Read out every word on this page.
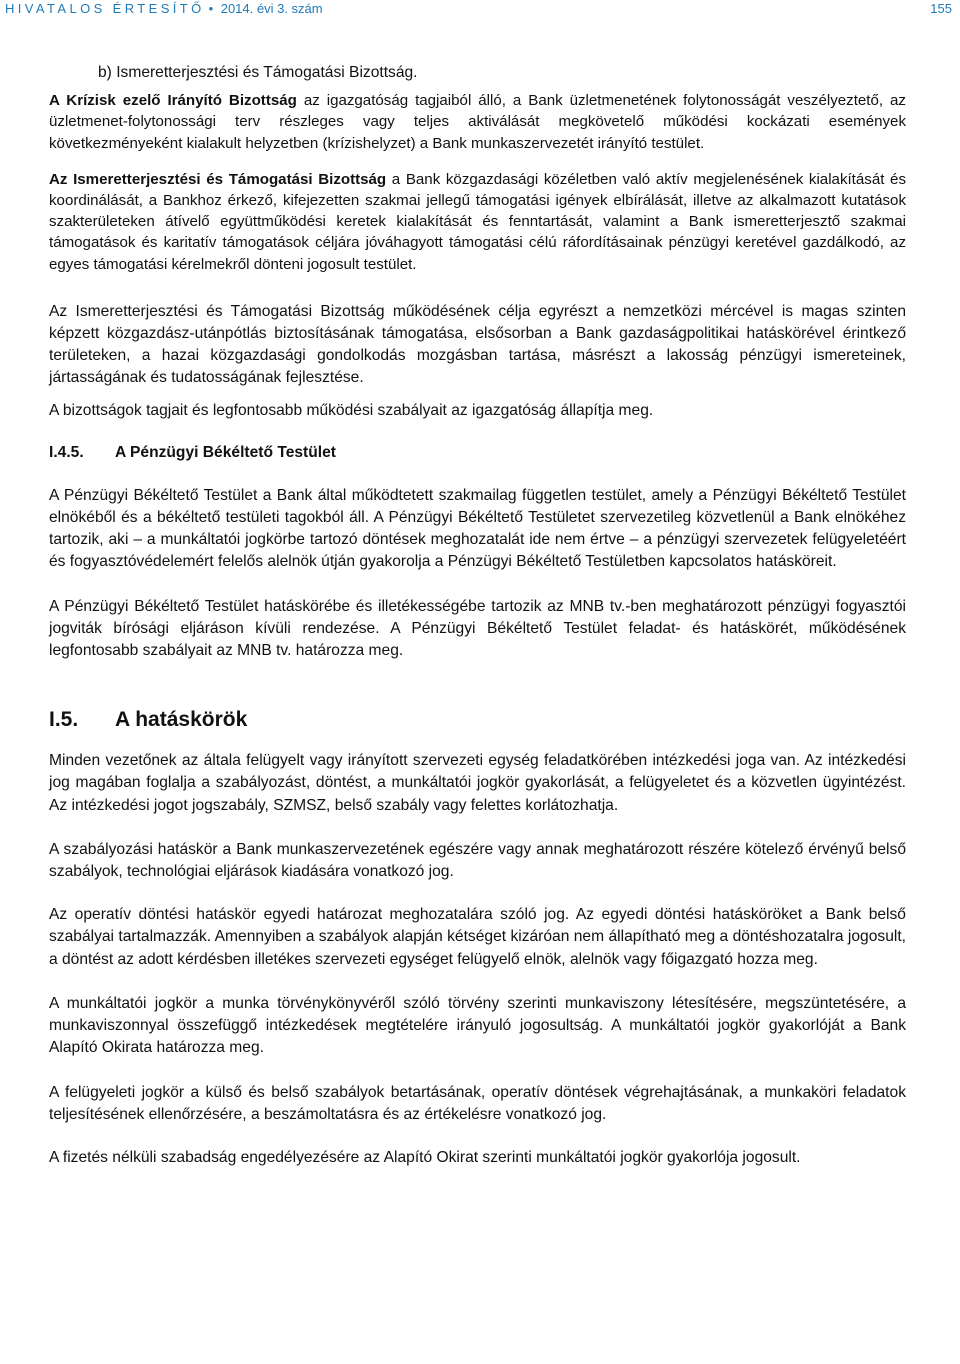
HIVATALOS ÉRTESÍTŐ • 2014. évi 3. szám	155

b) Ismeretterjesztési és Támogatási Bizottság.

A Krízisk ezelő Irányító Bizottság az igazgatóság tagjaiból álló, a Bank üzletmenetének folytonosságát veszélyeztető, az üzletmenet-folytonossági terv részleges vagy teljes aktiválását megkövetelő működési kockázati események következményeként kialakult helyzetben (krízishelyzet) a Bank munkaszervezetét irányító testület.

Az Ismeretterjesztési és Támogatási Bizottság a Bank közgazdasági közéletben való aktív megjelenésének kialakítását és koordinálását, a Bankhoz érkező, kifejezetten szakmai jellegű támogatási igények elbírálását, illetve az alkalmazott kutatások szakterületeken átívelő együttműködési keretek kialakítását és fenntartását, valamint a Bank ismeretterjesztő szakmai támogatások és karitatív támogatások céljára jóváhagyott támogatási célú ráfordításainak pénzügyi keretével gazdálkodó, az egyes támogatási kérelmekről dönteni jogosult testület.

Az Ismeretterjesztési és Támogatási Bizottság működésének célja egyrészt a nemzetközi mércével is magas szinten képzett közgazdász-utánpótlás biztosításának támogatása, elsősorban a Bank gazdaságpolitikai hatáskörével érintkező területeken, a hazai közgazdasági gondolkodás mozgásban tartása, másrészt a lakosság pénzügyi ismereteinek, jártasságának és tudatosságának fejlesztése.

A bizottságok tagjait és legfontosabb működési szabályait az igazgatóság állapítja meg.

I.4.5. A Pénzügyi Békéltető Testület

A Pénzügyi Békéltető Testület a Bank által működtetett szakmailag független testület, amely a Pénzügyi Békéltető Testület elnökéből és a békéltető testületi tagokból áll. A Pénzügyi Békéltető Testületet szervezetileg közvetlenül a Bank elnökéhez tartozik, aki – a munkáltatói jogkörbe tartozó döntések meghozatalát ide nem értve – a pénzügyi szervezetek felügyeletéért és fogyasztóvédelemért felelős alelnök útján gyakorolja a Pénzügyi Békéltető Testületben kapcsolatos hatásköreit.

A Pénzügyi Békéltető Testület hatáskörébe és illetékességébe tartozik az MNB tv.-ben meghatározott pénzügyi fogyasztói jogviták bírósági eljáráson kívüli rendezése. A Pénzügyi Békéltető Testület feladat- és hatáskörét, működésének legfontosabb szabályait az MNB tv. határozza meg.

I.5. A hatáskörök

Minden vezetőnek az általa felügyelt vagy irányított szervezeti egység feladatkörében intézkedési joga van. Az intézkedési jog magában foglalja a szabályozást, döntést, a munkáltatói jogkör gyakorlását, a felügyeletet és a közvetlen ügyintézést. Az intézkedési jogot jogszabály, SZMSZ, belső szabály vagy felettes korlátozhatja.

A szabályozási hatáskör a Bank munkaszervezetének egészére vagy annak meghatározott részére kötelező érvényű belső szabályok, technológiai eljárások kiadására vonatkozó jog.

Az operatív döntési hatáskör egyedi határozat meghozatalára szóló jog. Az egyedi döntési hatásköröket a Bank belső szabályai tartalmazzák. Amennyiben a szabályok alapján kétséget kizáróan nem állapítható meg a döntéshozatalra jogosult, a döntést az adott kérdésben illetékes szervezeti egységet felügyelő elnök, alelnök vagy főigazgató hozza meg.

A munkáltatói jogkör a munka törvénykönyvéről szóló törvény szerinti munkaviszony létesítésére, megszüntetésére, a munkaviszonnyal összefüggő intézkedések megtételére irányuló jogosultság. A munkáltatói jogkör gyakorlóját a Bank Alapító Okirata határozza meg.

A felügyeleti jogkör a külső és belső szabályok betartásának, operatív döntések végrehajtásának, a munkaköri feladatok teljesítésének ellenőrzésére, a beszámoltatásra és az értékelésre vonatkozó jog.

A fizetés nélküli szabadság engedélyezésére az Alapító Okirat szerinti munkáltatói jogkör gyakorlója jogosult.
